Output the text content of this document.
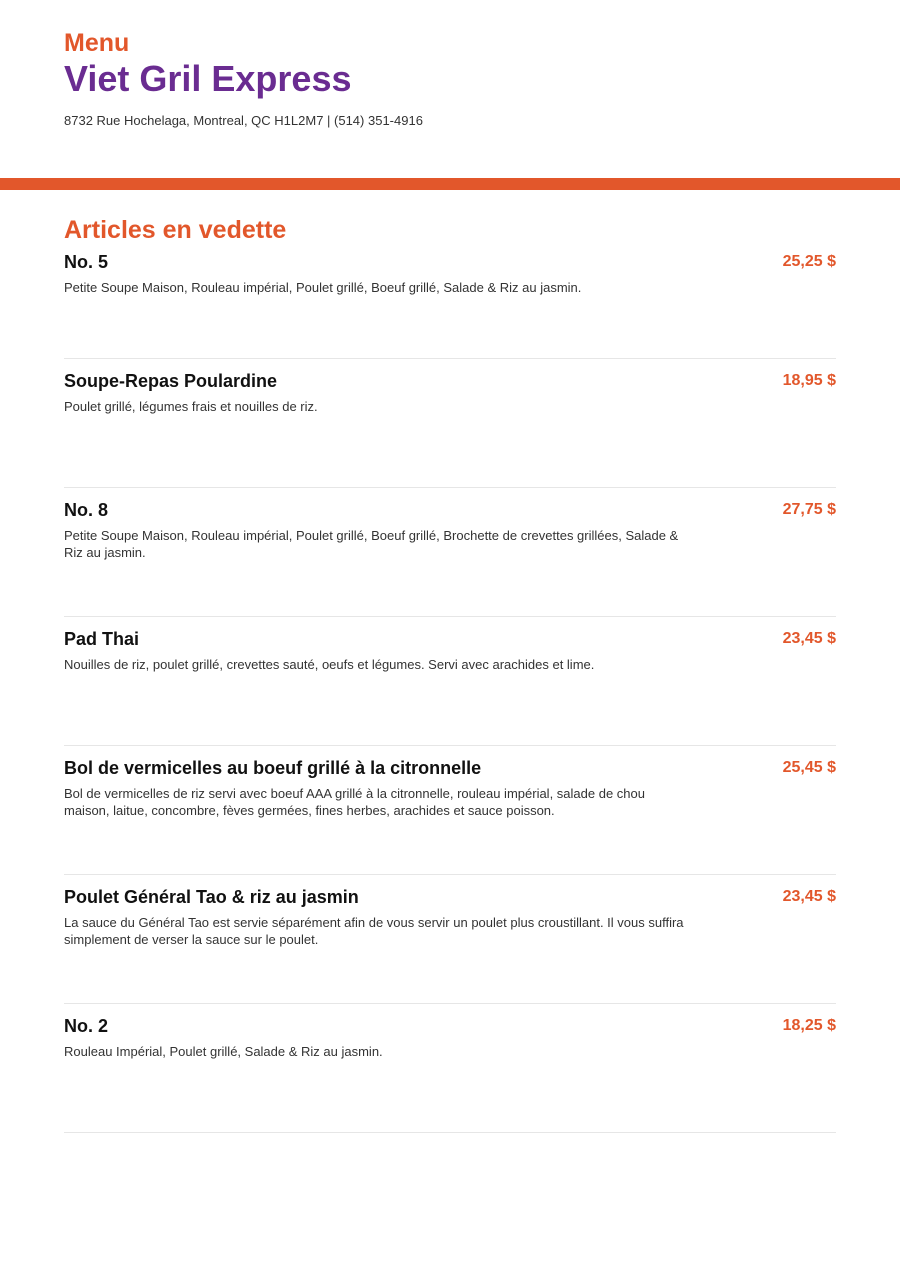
Menu
Viet Gril Express
8732 Rue Hochelaga, Montreal, QC H1L2M7 | (514) 351-4916
Articles en vedette
No. 5	25,25 $
Petite Soupe Maison, Rouleau impérial, Poulet grillé, Boeuf grillé, Salade & Riz au jasmin.
Soupe-Repas Poulardine	18,95 $
Poulet grillé, légumes frais et nouilles de riz.
No. 8	27,75 $
Petite Soupe Maison, Rouleau impérial, Poulet grillé, Boeuf grillé, Brochette de crevettes grillées, Salade & Riz au jasmin.
Pad Thai	23,45 $
Nouilles de riz, poulet grillé, crevettes sauté, oeufs et légumes. Servi avec arachides et lime.
Bol de vermicelles au boeuf grillé à la citronnelle	25,45 $
Bol de vermicelles de riz servi avec boeuf AAA grillé à la citronnelle, rouleau impérial, salade de chou maison, laitue, concombre, fèves germées, fines herbes, arachides et sauce poisson.
Poulet Général Tao & riz au jasmin	23,45 $
La sauce du Général Tao est servie séparément afin de vous servir un poulet plus croustillant. Il vous suffira simplement de verser la sauce sur le poulet.
No. 2	18,25 $
Rouleau Impérial, Poulet grillé, Salade & Riz au jasmin.
